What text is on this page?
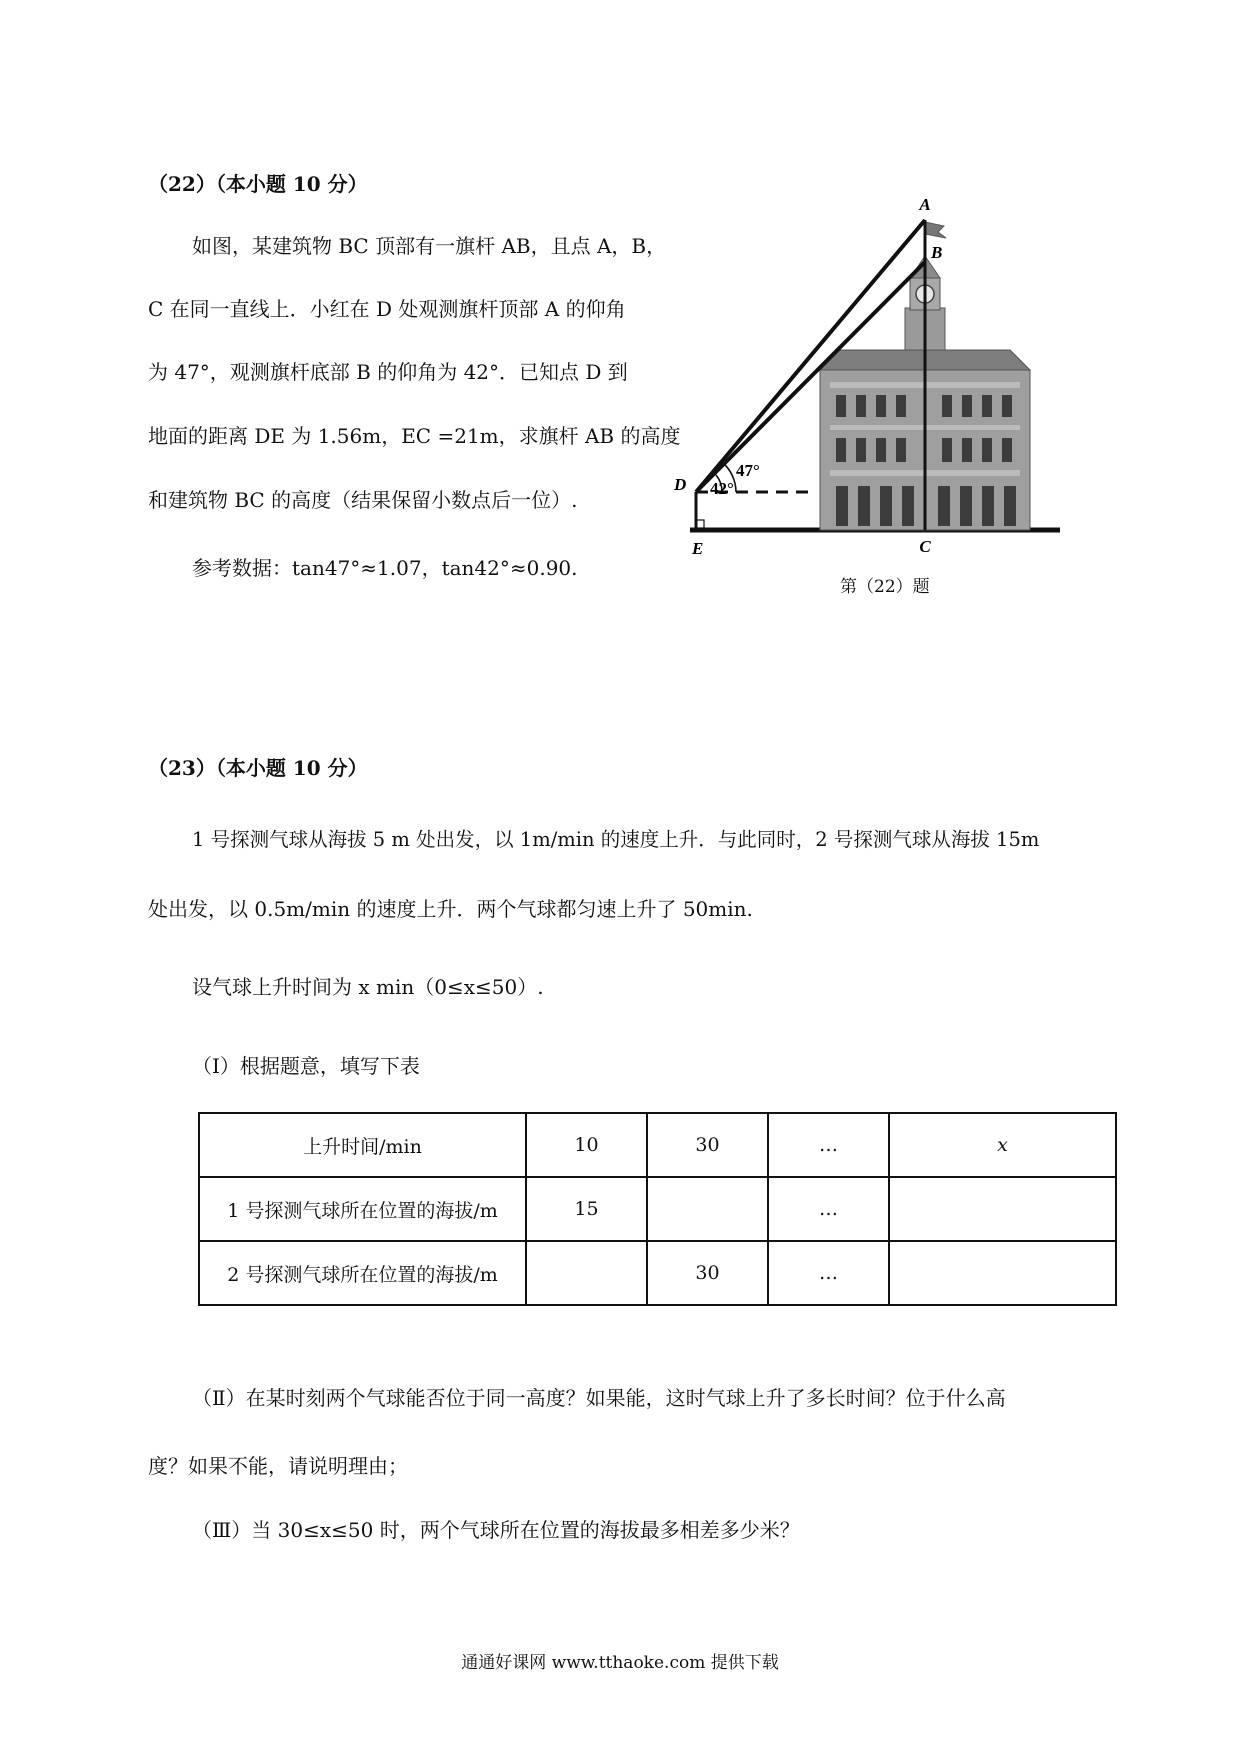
（22）（本小题 10 分）
如图，某建筑物 BC 顶部有一旗杆 AB，且点 A，B，
C 在同一直线上．小红在 D 处观测旗杆顶部 A 的仰角
为 47°，观测旗杆底部 B 的仰角为 42°．已知点 D 到
地面的距离 DE 为 1.56m，EC =21m，求旗杆 AB 的高度
和建筑物 BC 的高度（结果保留小数点后一位）.
参考数据：tan47°≈1.07，tan42°≈0.90.
A
B
C
D
E
47°
42°
第（22）题
（23）（本小题 10 分）
1 号探测气球从海拔 5 m 处出发，以 1m/min 的速度上升．与此同时，2 号探测气球从海拔 15m
处出发，以 0.5m/min 的速度上升．两个气球都匀速上升了 50min.
设气球上升时间为 x min（0≤x≤50）.
（Ⅰ）根据题意，填写下表
上升时间/min	10	30	…	x
1 号探测气球所在位置的海拔/m	15		…	
2 号探测气球所在位置的海拔/m		30	…	
（Ⅱ）在某时刻两个气球能否位于同一高度？如果能，这时气球上升了多长时间？位于什么高
度？如果不能，请说明理由；
（Ⅲ）当 30≤x≤50 时，两个气球所在位置的海拔最多相差多少米？
通通好课网 www.tthaoke.com 提供下载
